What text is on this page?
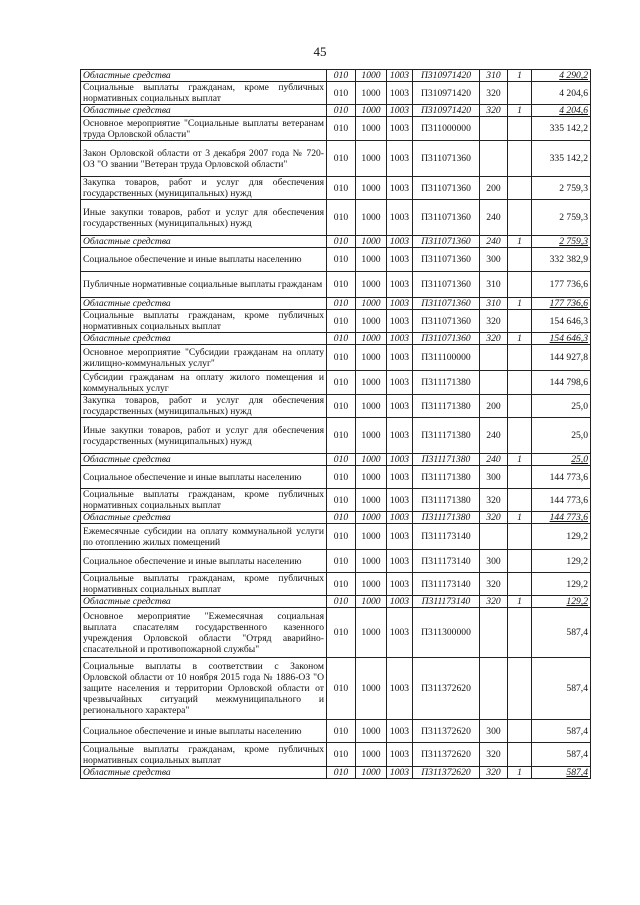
45
Областные средства	010	1000	1003	П310971420	310	1	4 290,2
Социальные выплаты гражданам, кроме публичных нормативных социальных выплат	010	1000	1003	П310971420	320		4 204,6
Областные средства	010	1000	1003	П310971420	320	1	4 204,6
Основное мероприятие "Социальные выплаты ветеранам труда Орловской области"	010	1000	1003	П311000000			335 142,2
Закон Орловской области от 3 декабря 2007 года № 720-ОЗ "О звании "Ветеран труда Орловской области"	010	1000	1003	П311071360			335 142,2
Закупка товаров, работ и услуг для обеспечения государственных (муниципальных) нужд	010	1000	1003	П311071360	200		2 759,3
Иные закупки товаров, работ и услуг для обеспечения государственных (муниципальных) нужд	010	1000	1003	П311071360	240		2 759,3
Областные средства	010	1000	1003	П311071360	240	1	2 759,3
Социальное обеспечение и иные выплаты населению	010	1000	1003	П311071360	300		332 382,9
Публичные нормативные социальные выплаты гражданам	010	1000	1003	П311071360	310		177 736,6
Областные средства	010	1000	1003	П311071360	310	1	177 736,6
Социальные выплаты гражданам, кроме публичных нормативных социальных выплат	010	1000	1003	П311071360	320		154 646,3
Областные средства	010	1000	1003	П311071360	320	1	154 646,3
Основное мероприятие "Субсидии гражданам на оплату жилищно-коммунальных услуг"	010	1000	1003	П311100000			144 927,8
Субсидии гражданам на оплату жилого помещения и коммунальных услуг	010	1000	1003	П311171380			144 798,6
Закупка товаров, работ и услуг для обеспечения государственных (муниципальных) нужд	010	1000	1003	П311171380	200		25,0
Иные закупки товаров, работ и услуг для обеспечения государственных (муниципальных) нужд	010	1000	1003	П311171380	240		25,0
Областные средства	010	1000	1003	П311171380	240	1	25,0
Социальное обеспечение и иные выплаты населению	010	1000	1003	П311171380	300		144 773,6
Социальные выплаты гражданам, кроме публичных нормативных социальных выплат	010	1000	1003	П311171380	320		144 773,6
Областные средства	010	1000	1003	П311171380	320	1	144 773,6
Ежемесячные субсидии на оплату коммунальной услуги по отоплению жилых помещений	010	1000	1003	П311173140			129,2
Социальное обеспечение и иные выплаты населению	010	1000	1003	П311173140	300		129,2
Социальные выплаты гражданам, кроме публичных нормативных социальных выплат	010	1000	1003	П311173140	320		129,2
Областные средства	010	1000	1003	П311173140	320	1	129,2
Основное мероприятие "Ежемесячная социальная выплата спасателям государственного казенного учреждения Орловской области "Отряд аварийно-спасательной и противопожарной службы"	010	1000	1003	П311300000			587,4
Социальные выплаты в соответствии с Законом Орловской области от 10 ноября 2015 года № 1886-ОЗ "О защите населения и территории Орловской области от чрезвычайных ситуаций межмуниципального и регионального характера"	010	1000	1003	П311372620			587,4
Социальное обеспечение и иные выплаты населению	010	1000	1003	П311372620	300		587,4
Социальные выплаты гражданам, кроме публичных нормативных социальных выплат	010	1000	1003	П311372620	320		587,4
Областные средства	010	1000	1003	П311372620	320	1	587,4
